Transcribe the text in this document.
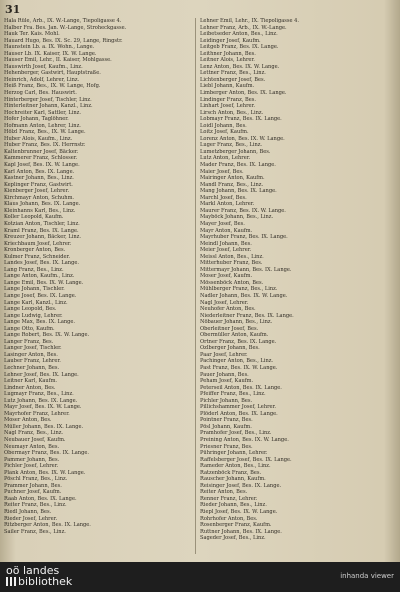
31
Hala Rüle, Arb., IX. W.-Lange, Tiepoligasse 4.
Halber Fra. Bes. Jan. W.-Lange, Stroheckgasse.
Hauk Ter. Kais. Mohl.
Hauard Hugo, Bes. IX. Sc. 29, Lange, Ringstr.
Haunstein Lb. a. IX. Wohn., Lange.
Hauser Lb. IX. Kaiser, IX. W. Lange.
Hauser Emil, Lehr., II. Kaiser, Mohlgasse.
Hauswirth Josef, Kaufm., Linz.
Hehenberger, Gastwirt, Hauptstraße.
Heinrich, Adolf, Lehrer, Linz.
Heiß Franz, Bes., IX. W. Lange, Hofg.
Herzog Carl, Bes. Hauswirt.
Hinterberger Josef, Tischler, Linz.
Hinterleitner Johann, Kanzl., Linz.
Hochreiter Karl, Sattler, Linz.
Hofer Johann, Taglöhner.
Hofmann Anton, Lehrer, Linz.
Hölzl Franz, Bes., IX. W. Lange.
Huber Alois, Kaufm., Linz.
Huber Franz, Bes. IX. Herrnstr.
Kaltenbrunner Josef, Bäcker.
Kammerer Franz, Schlosser.
Kapl Josef, Bes. IX. W. Lange.
Karl Anton, Bes. IX. Lange.
Kastner Johann, Bes., Linz.
Keplinger Franz, Gastwirt.
Kienberger Josef, Lehrer.
Kirchmayr Anton, Schuhm.
Klaus Johann, Bes. IX. Lange.
Kleinhanns Karl, Bes., Linz.
Koller Leopold, Kaufm.
Kotzian Anton, Tischler, Linz.
Kraml Franz, Bes. IX. Lange.
Kreuzer Johann, Bäcker, Linz.
Kriechbaum Josef, Lehrer.
Kronberger Anton, Bes.
Kulmer Franz, Schneider.
Landes Josef, Bes. IX. Lange.
Lang Franz, Bes., Linz.
Lange Anton, Kaufm., Linz.
Lange Emil, Bes. IX. W. Lange.
Lange Johann, Tischler.
Lange Josef, Bes. IX. Lange.
Lange Karl, Kanzl., Linz.
Lange Leopold, Bes.
Lange Ludwig, Lehrer.
Lange Max, Bes. IX. Lange.
Lange Otto, Kaufm.
Lange Robert, Bes. IX. W. Lange.
Langer Franz, Bes.
Langer Josef, Tischler.
Lasinger Anton, Bes.
Lauber Franz, Lehrer.
Lechner Johann, Bes.
Lehner Josef, Bes. IX. Lange.
Leitner Karl, Kaufm.
Lindner Anton, Bes.
Lugmayr Franz, Bes., Linz.
Lutz Johann, Bes. IX. Lange.
Mayr Josef, Bes. IX. W. Lange.
Mayrhofer Franz, Lehrer.
Moser Anton, Bes.
Müller Johann, Bes. IX. Lange.
Nagl Franz, Bes., Linz.
Neubauer Josef, Kaufm.
Neumayr Anton, Bes.
Obermayr Franz, Bes. IX. Lange.
Pammer Johann, Bes.
Pichler Josef, Lehrer.
Plank Anton, Bes. IX. W. Lange.
Pöschl Franz, Bes., Linz.
Prammer Johann, Bes.
Puchner Josef, Kaufm.
Raab Anton, Bes. IX. Lange.
Reiter Franz, Bes., Linz.
Riedl Johann, Bes.
Rieder Josef, Lehrer.
Ritzberger Anton, Bes. IX. Lange.
Sailer Franz, Bes., Linz.
Lehner Emil, Lehr., IX. Tiepoligasse 4.
Lehner Franz, Arb., IX. W.-Lange.
Leibetseder Anton, Bes., Linz.
Leidinger Josef, Kaufm.
Leitgeb Franz, Bes. IX. Lange.
Leithner Johann, Bes.
Leitner Alois, Lehrer.
Lenz Anton, Bes. IX. W. Lange.
Lettner Franz, Bes., Linz.
Lichtenberger Josef, Bes.
Liebl Johann, Kaufm.
Limberger Anton, Bes. IX. Lange.
Lindinger Franz, Bes.
Linhart Josef, Lehrer.
Lirsch Anton, Bes., Linz.
Lobmayr Franz, Bes. IX. Lange.
Loidl Johann, Bes.
Loitz Josef, Kaufm.
Lorenz Anton, Bes. IX. W. Lange.
Luger Franz, Bes., Linz.
Lumetzberger Johann, Bes.
Lutz Anton, Lehrer.
Mader Franz, Bes. IX. Lange.
Maier Josef, Bes.
Mairinger Anton, Kaufm.
Mandl Franz, Bes., Linz.
Mang Johann, Bes. IX. Lange.
Marchl Josef, Bes.
Markl Anton, Lehrer.
Maurer Franz, Bes. IX. W. Lange.
Mayböck Johann, Bes., Linz.
Mayer Josef, Bes.
Mayr Anton, Kaufm.
Mayrhuber Franz, Bes. IX. Lange.
Meindl Johann, Bes.
Meier Josef, Lehrer.
Meissl Anton, Bes., Linz.
Mitterhuber Franz, Bes.
Mittermayr Johann, Bes. IX. Lange.
Moser Josef, Kaufm.
Mössenböck Anton, Bes.
Mühlberger Franz, Bes., Linz.
Nadler Johann, Bes. IX. W. Lange.
Nagl Josef, Lehrer.
Neuhofer Anton, Bes.
Niederleitner Franz, Bes. IX. Lange.
Nöbauer Johann, Bes., Linz.
Oberleitner Josef, Bes.
Obermüller Anton, Kaufm.
Ortner Franz, Bes. IX. Lange.
Ozlberger Johann, Bes.
Paar Josef, Lehrer.
Pachinger Anton, Bes., Linz.
Past Franz, Bes. IX. W. Lange.
Pauer Johann, Bes.
Peham Josef, Kaufm.
Peterseil Anton, Bes. IX. Lange.
Pfeiffer Franz, Bes., Linz.
Pichler Johann, Bes.
Pillichshammer Josef, Lehrer.
Plöderl Anton, Bes. IX. Lange.
Pointner Franz, Bes.
Pösl Johann, Kaufm.
Pramhofer Josef, Bes., Linz.
Preining Anton, Bes. IX. W. Lange.
Priesner Franz, Bes.
Pühringer Johann, Lehrer.
Raffelsberger Josef, Bes. IX. Lange.
Rameder Anton, Bes., Linz.
Ratzenböck Franz, Bes.
Rauscher Johann, Kaufm.
Reisinger Josef, Bes. IX. Lange.
Reiter Anton, Bes.
Renner Franz, Lehrer.
Rieder Johann, Bes., Linz.
Riepl Josef, Bes. IX. W. Lange.
Rohrhofer Anton, Bes.
Rosenberger Franz, Kaufm.
Ruttner Johann, Bes. IX. Lange.
Sageder Josef, Bes., Linz.
oö landes
bibliothek	inhanda viewer
